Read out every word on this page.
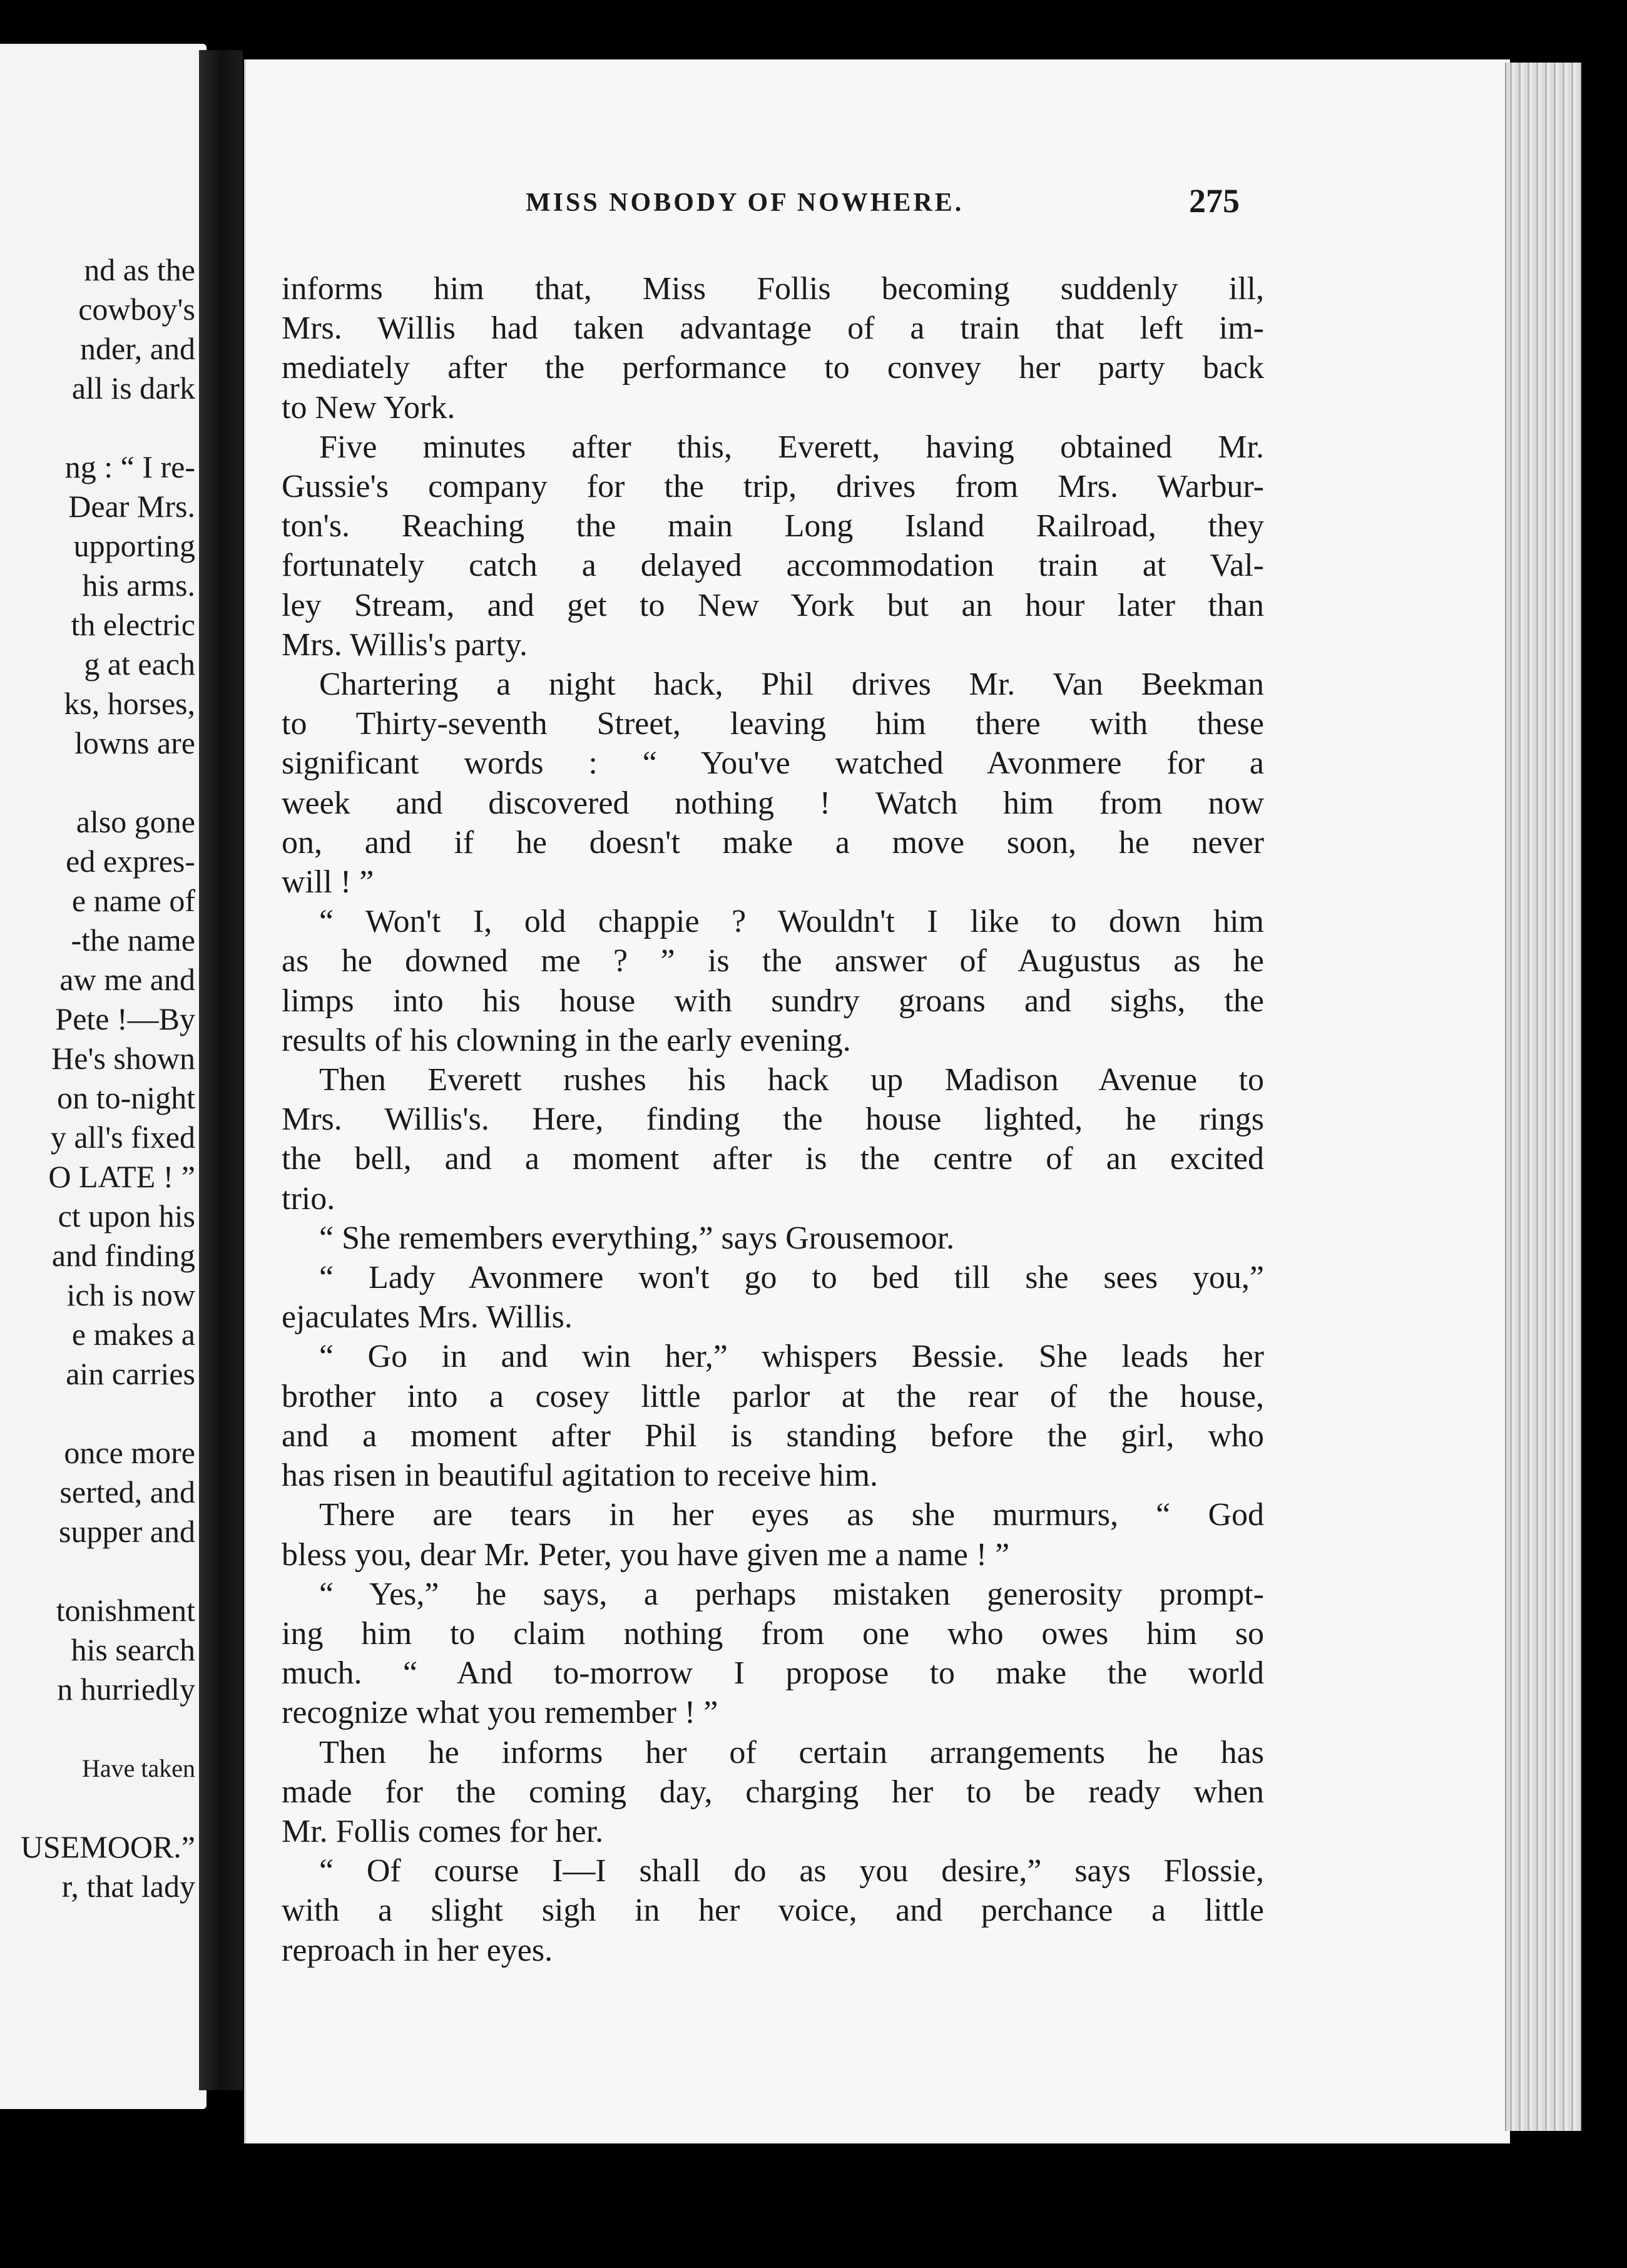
nd as the
cowboy's
nder, and
all is dark
ng : “ I re-
Dear Mrs.
upporting
his arms.
th electric
g at each
ks, horses,
lowns are
also gone
ed expres-
e name of
-the name
aw me and
Pete !—By
He's shown
on to-night
y all's fixed
O LATE ! ”
ct upon his
and finding
ich is now
e makes a
ain carries
once more
serted, and
supper and
tonishment
his search
n hurriedly
Have taken
USEMOOR.”
r, that lady
MISS NOBODY OF NOWHERE.	275
informs him that, Miss Follis becoming suddenly ill,
Mrs. Willis had taken advantage of a train that left im-
mediately after the performance to convey her party back
to New York.
Five minutes after this, Everett, having obtained Mr.
Gussie's company for the trip, drives from Mrs. Warbur-
ton's. Reaching the main Long Island Railroad, they
fortunately catch a delayed accommodation train at Val-
ley Stream, and get to New York but an hour later than
Mrs. Willis's party.
Chartering a night hack, Phil drives Mr. Van Beekman
to Thirty-seventh Street, leaving him there with these
significant words : “ You've watched Avonmere for a
week and discovered nothing ! Watch him from now
on, and if he doesn't make a move soon, he never
will ! ”
“ Won't I, old chappie ? Wouldn't I like to down him
as he downed me ? ” is the answer of Augustus as he
limps into his house with sundry groans and sighs, the
results of his clowning in the early evening.
Then Everett rushes his hack up Madison Avenue to
Mrs. Willis's. Here, finding the house lighted, he rings
the bell, and a moment after is the centre of an excited
trio.
“ She remembers everything,” says Grousemoor.
“ Lady Avonmere won't go to bed till she sees you,”
ejaculates Mrs. Willis.
“ Go in and win her,” whispers Bessie. She leads her
brother into a cosey little parlor at the rear of the house,
and a moment after Phil is standing before the girl, who
has risen in beautiful agitation to receive him.
There are tears in her eyes as she murmurs, “ God
bless you, dear Mr. Peter, you have given me a name ! ”
“ Yes,” he says, a perhaps mistaken generosity prompt-
ing him to claim nothing from one who owes him so
much. “ And to-morrow I propose to make the world
recognize what you remember ! ”
Then he informs her of certain arrangements he has
made for the coming day, charging her to be ready when
Mr. Follis comes for her.
“ Of course I—I shall do as you desire,” says Flossie,
with a slight sigh in her voice, and perchance a little
reproach in her eyes.
